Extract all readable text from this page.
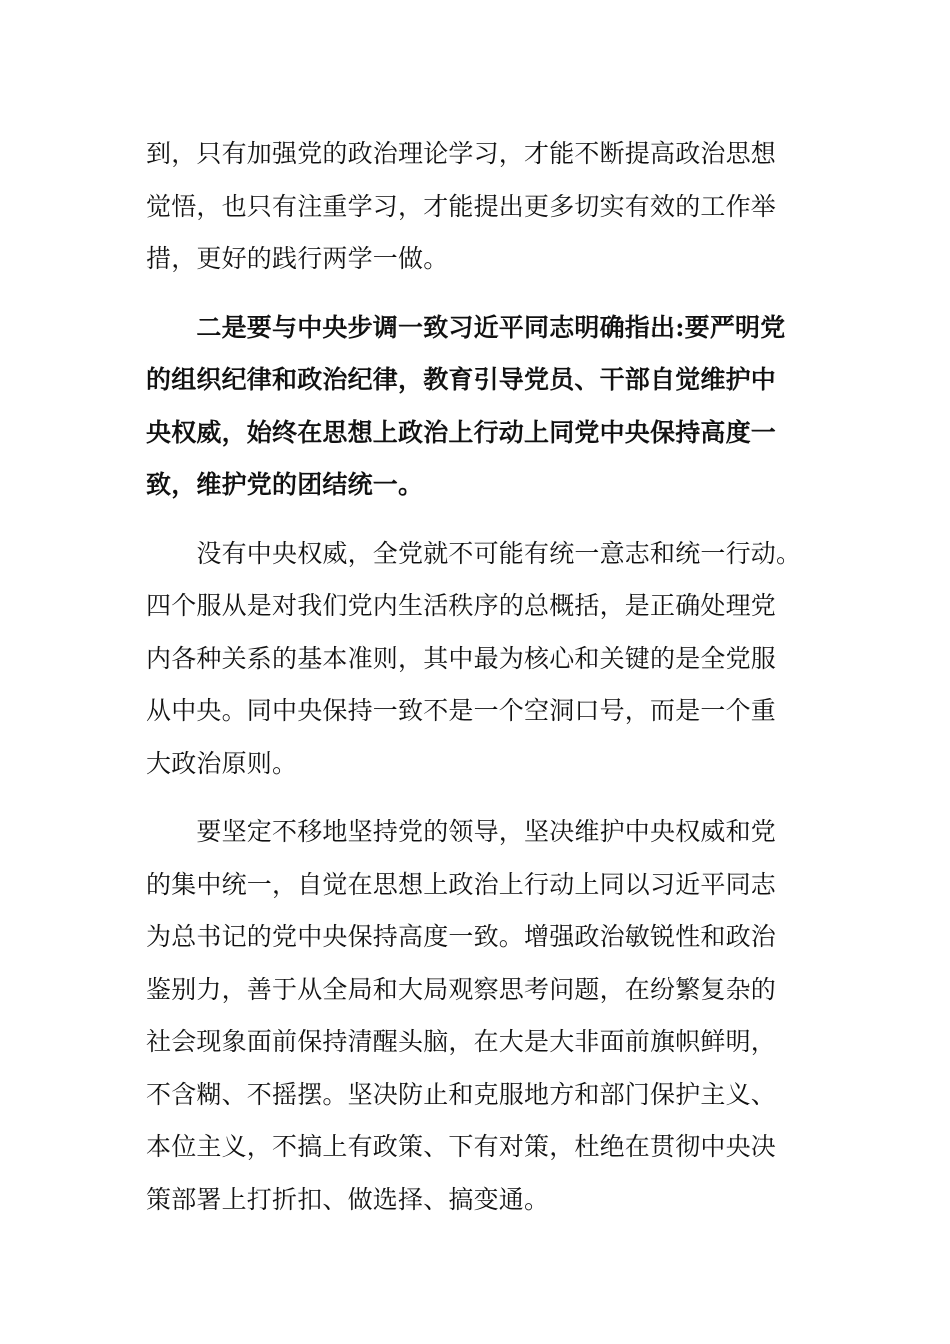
到，只有加强党的政治理论学习，才能不断提高政治思想
觉悟，也只有注重学习，才能提出更多切实有效的工作举
措，更好的践行两学一做。

　　二是要与中央步调一致习近平同志明确指出:要严明党
的组织纪律和政治纪律，教育引导党员、干部自觉维护中
央权威，始终在思想上政治上行动上同党中央保持高度一
致，维护党的团结统一。

　　没有中央权威，全党就不可能有统一意志和统一行动。
四个服从是对我们党内生活秩序的总概括，是正确处理党
内各种关系的基本准则，其中最为核心和关键的是全党服
从中央。同中央保持一致不是一个空洞口号，而是一个重
大政治原则。

　　要坚定不移地坚持党的领导，坚决维护中央权威和党
的集中统一，自觉在思想上政治上行动上同以习近平同志
为总书记的党中央保持高度一致。增强政治敏锐性和政治
鉴别力，善于从全局和大局观察思考问题，在纷繁复杂的
社会现象面前保持清醒头脑，在大是大非面前旗帜鲜明，
不含糊、不摇摆。坚决防止和克服地方和部门保护主义、
本位主义，不搞上有政策、下有对策，杜绝在贯彻中央决
策部署上打折扣、做选择、搞变通。
